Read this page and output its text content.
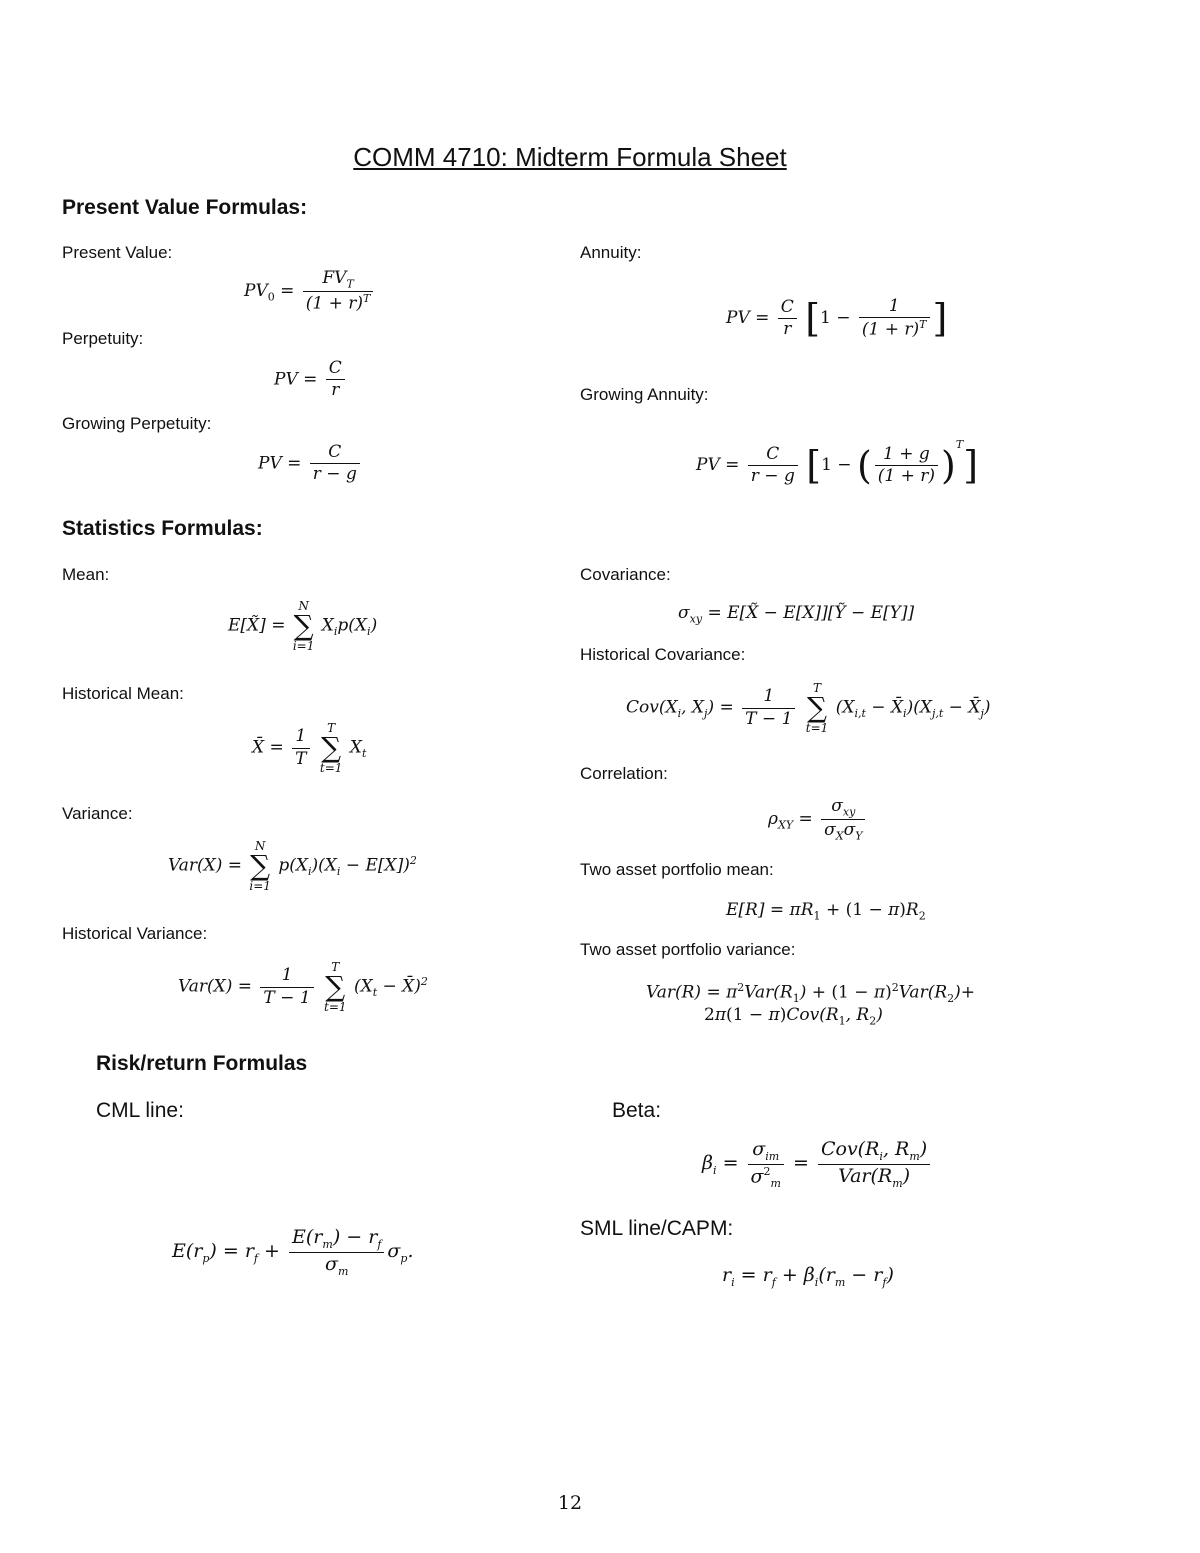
COMM 4710: Midterm Formula Sheet
Present Value Formulas:
Present Value:
$PV_0 = \frac{FV_T}{(1 + r)^T}$
Perpetuity:
PV = $\frac{C}{r}$
Growing Perpetuity:
PV = $\frac{C}{r - g}$
Annuity:
PV = $\frac{C}{r} [1 - \frac{1}{(1 + r)^T}$ ]
Growing Annuity:
PV = $\frac{C}{r - g} [1$ − ( $\frac{1 + g}{(1 + r)} )^T$]
Statistics Formulas:
Mean:
E[X̃] =
N
∑
i=1
$X_ip(X_i)$
Historical Mean:
X̄ = $\frac{1}{T}$
	T
∑
t=1
$X_t$
Variance:
Var(X) =
N
∑
i=1
$p(X_i)(X_i - E[X])^2$
Historical Variance:
$Var(X) = \frac{1}{T - 1}$
	T
∑
t=1
($X_t$ − X̄)$^2$
Covariance:
$\sigma_{xy}$ = E[X̃ − E[X]][Ỹ − E[Y]]
Historical Covariance:
$Cov(X_i$, $X_j) = \frac{1}{T - 1}$
	T
∑
t=1
($X_{i,t}$ − $X̄_i)(X_{j,t}$ − $X̄_j$)
Correlation:
$\rho_{XY} = \frac{\sigma_{xy}}{\sigma_X\sigma_Y}$
Two asset portfolio mean:
$E[R] = \pi R_1 + (1 - \pi)R_2$
Two asset portfolio variance:
$Var(R) = \pi^2Var(R_1) + (1 - \pi)^2Var(R_2)+$
$2\pi(1 - \pi)Cov(R_1$, $R_2$)
Risk/return Formulas
CML line:
$E(r_p) = r_f + \frac{E(r_m) - r_f}{\sigma_m} \sigma_p$.
Beta:
$\beta_i = \frac{\sigma_{im}}{\sigma^2_m} = \frac{Cov(R_i, R_m)}{Var(R_m)}$
SML line/CAPM:
$r_i = r_f + \beta_i(r_m - r_f)$
12
